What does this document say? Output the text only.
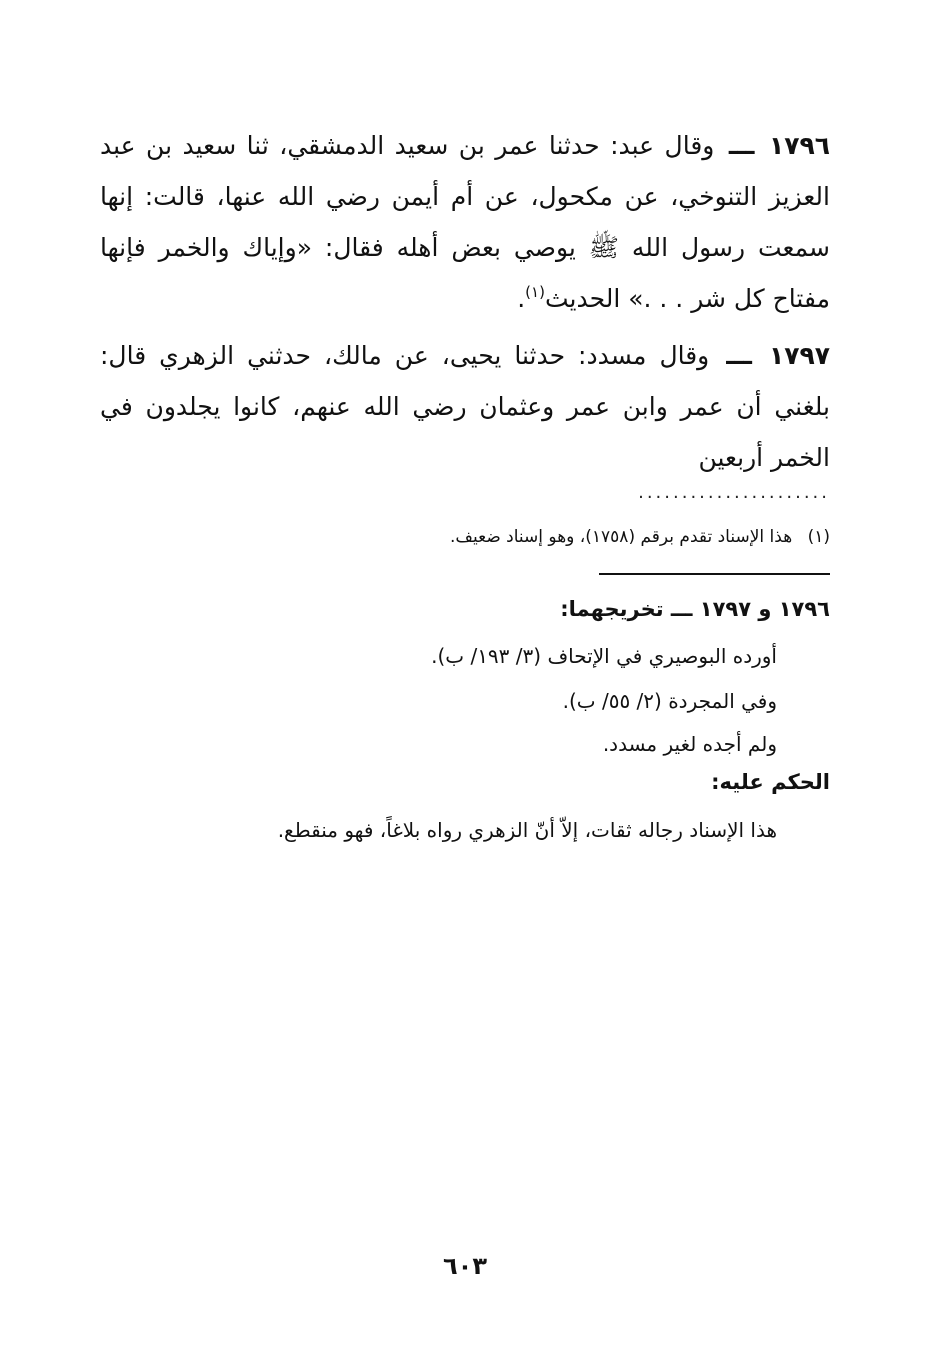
١٧٩٦ ـــ وقال عبد: حدثنا عمر بن سعيد الدمشقي، ثنا سعيد بن عبد العزيز التنوخي، عن مكحول، عن أم أيمن رضي الله عنها، قالت: إنها سمعت رسول الله ﷺ يوصي بعض أهله فقال: «وإياك والخمر فإنها مفتاح كل شر . . .» الحديث$^{(١)}$.

١٧٩٧ ـــ وقال مسدد: حدثنا يحيى، عن مالك، حدثني الزهري قال: بلغني أن عمر وابن عمر وعثمان رضي الله عنهم، كانوا يجلدون في الخمر أربعين

......................

(١) هذا الإسناد تقدم برقم (١٧٥٨)، وهو إسناد ضعيف.

١٧٩٦ و ١٧٩٧ ـــ تخريجهما:

أورده البوصيري في الإتحاف (٣/ ١٩٣/ ب).

وفي المجردة (٢/ ٥٥/ ب).

ولم أجده لغير مسدد.

الحكم عليه:

هذا الإسناد رجاله ثقات، إلاّ أنّ الزهري رواه بلاغاً، فهو منقطع.

٦٠٣
